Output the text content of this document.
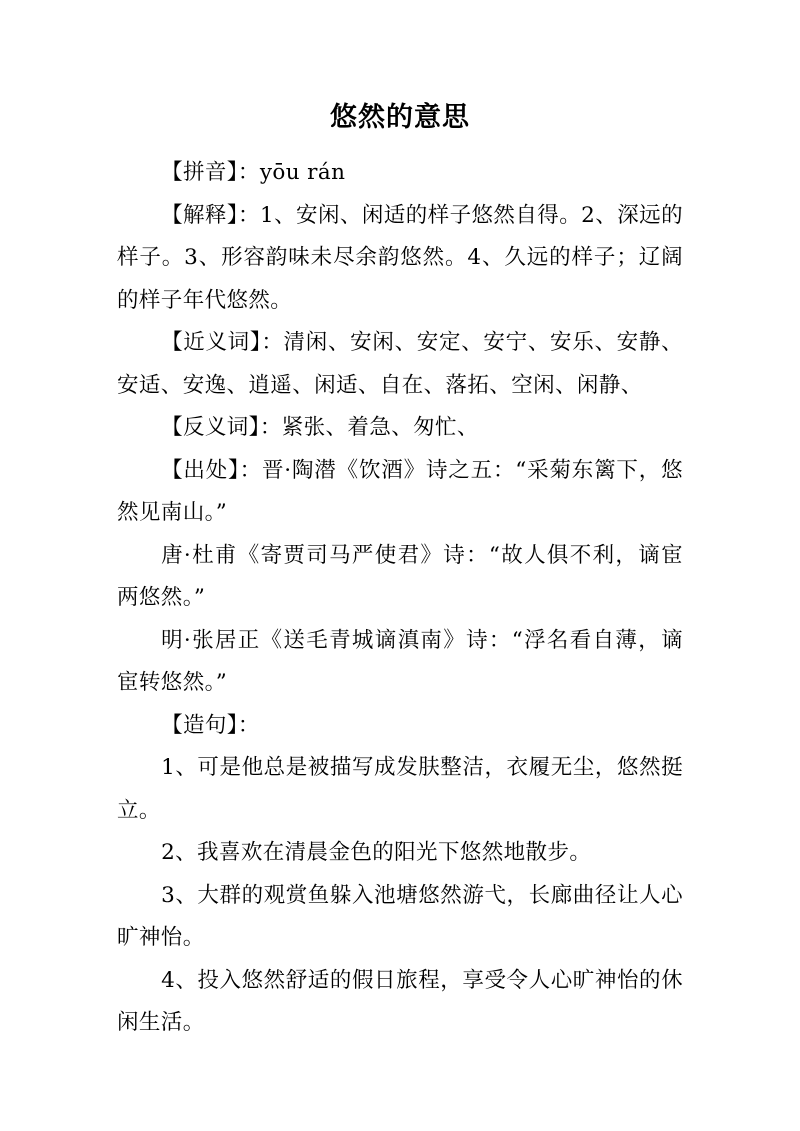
悠然的意思

【拼音】：yōu rán

【解释】：1、安闲、闲适的样子悠然自得。2、深远的样子。3、形容韵味未尽余韵悠然。4、久远的样子；辽阔的样子年代悠然。

【近义词】：清闲、安闲、安定、安宁、安乐、安静、安适、安逸、逍遥、闲适、自在、落拓、空闲、闲静、

【反义词】：紧张、着急、匆忙、

【出处】：晋·陶潜《饮酒》诗之五：“采菊东篱下，悠然见南山。”

唐·杜甫《寄贾司马严使君》诗：“故人俱不利，谪宦两悠然。”

明·张居正《送毛青城谪滇南》诗：“浮名看自薄，谪宦转悠然。”

【造句】：

1、可是他总是被描写成发肤整洁，衣履无尘，悠然挺立。

2、我喜欢在清晨金色的阳光下悠然地散步。

3、大群的观赏鱼躲入池塘悠然游弋，长廊曲径让人心旷神怡。

4、投入悠然舒适的假日旅程，享受令人心旷神怡的休闲生活。
